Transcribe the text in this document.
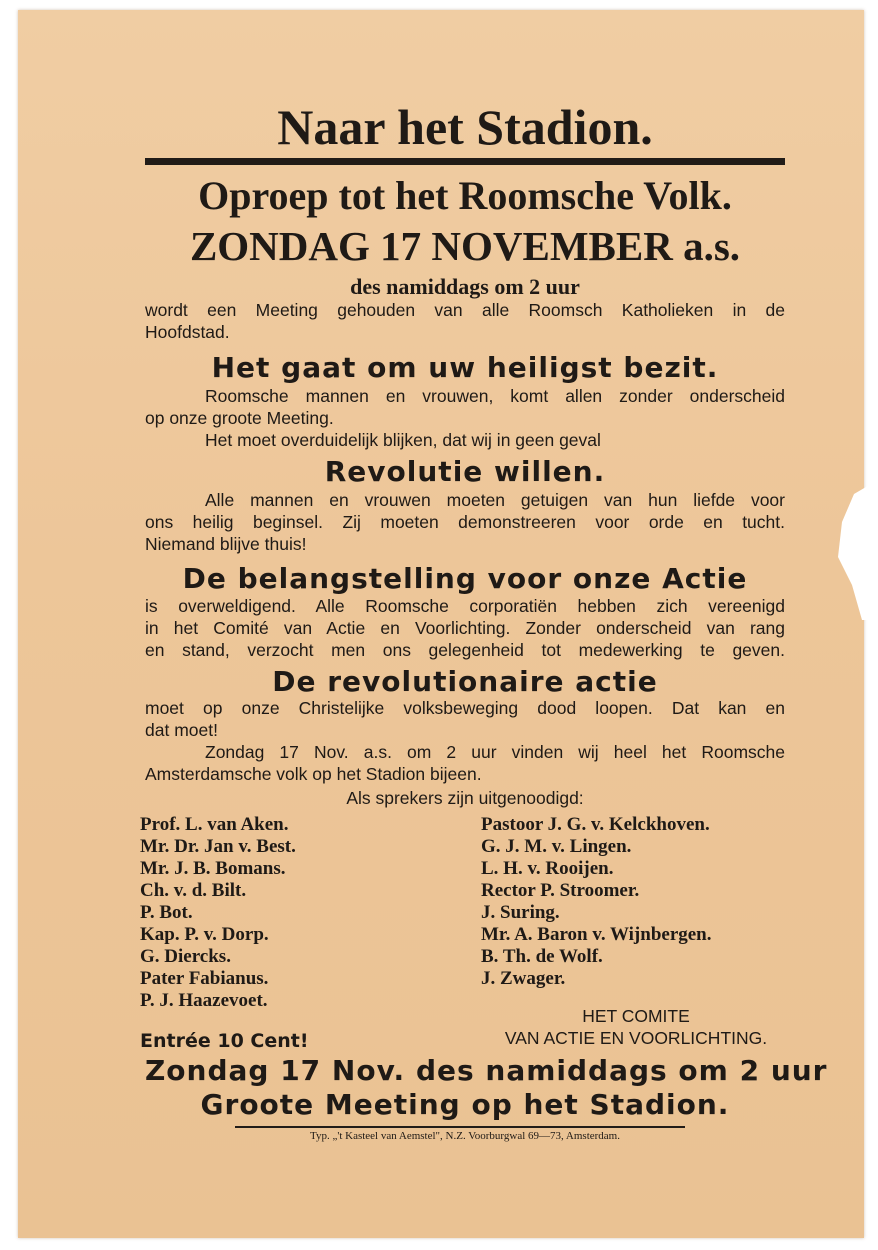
Naar het Stadion.
Oproep tot het Roomsche Volk.
ZONDAG 17 NOVEMBER a.s.
des namiddags om 2 uur
wordt een Meeting gehouden van alle Roomsch Katholieken in de
Hoofdstad.
Het gaat om uw heiligst bezit.
Roomsche mannen en vrouwen, komt allen zonder onderscheid
op onze groote Meeting.
Het moet overduidelijk blijken, dat wij in geen geval
Revolutie willen.
Alle mannen en vrouwen moeten getuigen van hun liefde voor
ons heilig beginsel. Zij moeten demonstreeren voor orde en tucht.
Niemand blijve thuis!
De belangstelling voor onze Actie
is overweldigend. Alle Roomsche corporatiën hebben zich vereenigd
in het Comité van Actie en Voorlichting. Zonder onderscheid van rang
en stand, verzocht men ons gelegenheid tot medewerking te geven.
De revolutionaire actie
moet op onze Christelijke volksbeweging dood loopen. Dat kan en
dat moet!
Zondag 17 Nov. a.s. om 2 uur vinden wij heel het Roomsche
Amsterdamsche volk op het Stadion bijeen.
Als sprekers zijn uitgenoodigd:
Prof. L. van Aken.
Mr. Dr. Jan v. Best.
Mr. J. B. Bomans.
Ch. v. d. Bilt.
P. Bot.
Kap. P. v. Dorp.
G. Diercks.
Pater Fabianus.
P. J. Haazevoet.
Pastoor J. G. v. Kelckhoven.
G. J. M. v. Lingen.
L. H. v. Rooijen.
Rector P. Stroomer.
J. Suring.
Mr. A. Baron v. Wijnbergen.
B. Th. de Wolf.
J. Zwager.
HET COMITE
VAN ACTIE EN VOORLICHTING.
Entrée 10 Cent!
Zondag 17 Nov. des namiddags om 2 uur
Groote Meeting op het Stadion.
Typ. „'t Kasteel van Aemstel", N.Z. Voorburgwal 69—73, Amsterdam.
